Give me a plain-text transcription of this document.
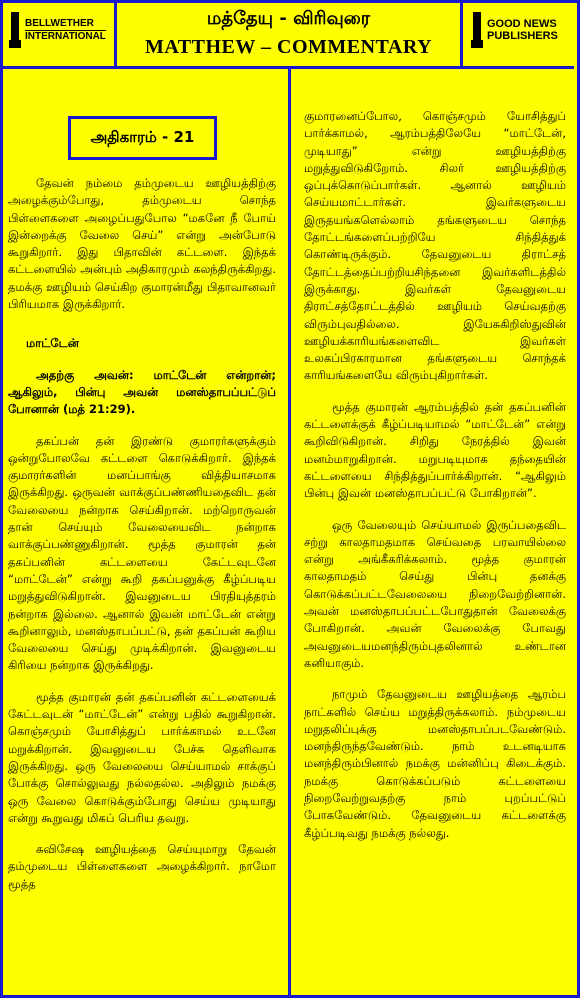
BELLWETHER
INTERNATIONAL
மத்தேயு - விரிவுரை
MATTHEW – COMMENTARY
GOOD NEWS
PUBLISHERS
அதிகாரம் - 21

தேவன் நம்மை தம்முடைய ஊழியத்திற்கு அழைக்கும்போது, தம்முடைய சொந்த பிள்ளைகளை அழைப்பதுபோல “மகனே நீ போய் இன்றைக்கு வேலை செய்” என்று அன்போடு கூறுகிறார். இது பிதாவின் கட்டளை. இந்தக் கட்டளையில் அன்பும் அதிகாரமும் கலந்திருக்கிறது. தமக்கு ஊழியம் செய்கிற குமாரன்மீது பிதாவானவர் பிரியமாக இருக்கிறார்.

மாட்டேன்

அதற்கு அவன்: மாட்டேன் என்றான்; ஆகிலும், பின்பு அவன் மனஸ்தாபப்பட்டுப் போனான் (மத் 21:29).

தகப்பன் தன் இரண்டு குமாரர்களுக்கும் ஒன்றுபோலவே கட்டளை கொடுக்கிறார். இந்தக் குமாரர்களின் மனப்பாங்கு வித்தியாசமாக இருக்கிறது. ஒருவன் வாக்குப்பண்ணியதைவிட தன் வேலையை நன்றாக செய்கிறான். மற்றொருவன் தான் செய்யும் வேலையைவிட நன்றாக வாக்குப்பண்ணுகிறான். மூத்த குமாரன் தன் தகப்பனின் கட்டளையை கேட்டவுடனே “மாட்டேன்” என்று கூறி தகப்பனுக்கு கீழ்ப்படிய மறுத்துவிடுகிறான். இவனுடைய பிரதியுத்தரம் நன்றாக இல்லை. ஆனால் இவன் மாட்டேன் என்று கூறினாலும், மனஸ்தாபப்பட்டு, தன் தகப்பன் கூறிய வேலையை செய்து முடிக்கிறான். இவனுடைய கிரியை நன்றாக இருக்கிறது.

மூத்த குமாரன் தன் தகப்பனின் கட்டளையைக் கேட்டவுடன் “மாட்டேன்” என்று பதில் கூறுகிறான். கொஞ்சமும் யோசித்துப் பார்க்காமல் உடனே மறுக்கிறான். இவனுடைய பேச்சு தெளிவாக இருக்கிறது. ஒரு வேலையை செய்யாமல் சாக்குப் போக்கு சொல்லுவது நல்லதல்ல. அதிலும் நமக்கு ஒரு வேலை கொடுக்கும்போது செய்ய முடியாது என்று கூறுவது மிகப் பெரிய தவறு.

சுவிசேஷ ஊழியத்தை செய்யுமாறு தேவன் தம்முடைய பிள்ளைகளை அழைக்கிறார். நாமோ மூத்த

குமாரனைப்போல, கொஞ்சமும் யோசித்துப் பார்க்காமல், ஆரம்பத்திலேயே “மாட்டேன், முடியாது” என்று ஊழியத்திற்கு மறுத்துவிடுகிறோம். சிலர் ஊழியத்திற்கு ஒப்புக்கொடுப்பார்கள். ஆனால் ஊழியம் செய்யமாட்டார்கள். இவர்களுடைய இருதயங்களெல்லாம் தங்களுடைய சொந்த தோட்டங்களைப்பற்றியே சிந்தித்துக் கொண்டிருக்கும். தேவனுடைய திராட்சத் தோட்டத்தைப்பற்றியசிந்தனை இவர்களிடத்தில் இருக்காது. இவர்கள் தேவனுடைய திராட்சத்தோட்டத்தில் ஊழியம் செய்வதற்கு விரும்புவதில்லை. இயேசுகிறிஸ்துவின் ஊழியக்காரியங்களைவிட இவர்கள் உலகப்பிரகாரமான தங்களுடைய சொந்தக் காரியங்களையே விரும்புகிறார்கள்.

மூத்த குமாரன் ஆரம்பத்தில் தன் தகப்பனின் கட்டளைக்குக் கீழ்ப்படியாமல் “மாட்டேன்” என்று கூறிவிடுகிறான். சிறிது நேரத்தில் இவன் மனம்மாறுகிறான். மறுபடியுமாக தந்தையின் கட்டளையை சிந்தித்துப்பார்க்கிறான். “ஆகிலும் பின்பு இவன் மனஸ்தாபப்பட்டு போகிறான்”.

ஒரு வேலையும் செய்யாமல் இருப்பதைவிட சற்று காலதாமதமாக செய்வதை பரவாயில்லை என்று அங்கீகரிக்கலாம். மூத்த குமாரன் காலதாமதம் செய்து பின்பு தனக்கு கொடுக்கப்பட்டவேலையை நிறைவேற்றினான். அவன் மனஸ்தாபப்பட்டபோதுதான் வேலைக்கு போகிறான். அவன் வேலைக்கு போவது அவனுடையமனந்திரும்புதலினால் உண்டான கனியாகும்.

நாமும் தேவனுடைய ஊழியத்தை ஆரம்ப நாட்களில் செய்ய மறுத்திருக்கலாம். நம்முடைய மறுதலிப்புக்கு மனஸ்தாபப்படவேண்டும். மனந்திருந்தவேண்டும். நாம் உடனடியாக மனந்திரும்பினால் நமக்கு மன்னிப்பு கிடைக்கும். நமக்கு கொடுக்கப்படும் கட்டளையை நிறைவேற்றுவதற்கு நாம் புறப்பட்டுப் போகவேண்டும். தேவனுடைய கட்டளைக்கு கீழ்ப்படிவது நமக்கு நல்லது.
